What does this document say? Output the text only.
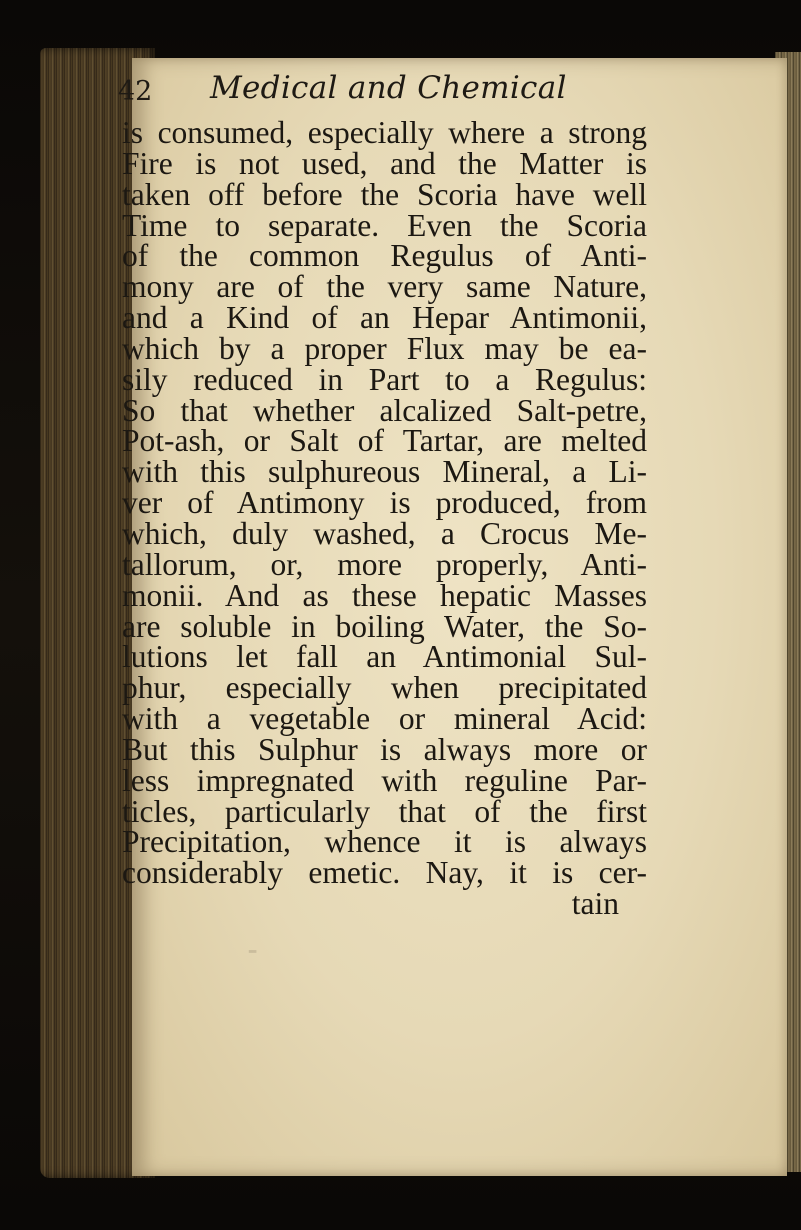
42 Medical and Chemical
is consumed, especially where a strong
Fire is not used, and the Matter is
taken off before the Scoria have well
Time to separate. Even the Scoria
of the common Regulus of Anti-
mony are of the very same Nature,
and a Kind of an Hepar Antimonii,
which by a proper Flux may be ea-
sily reduced in Part to a Regulus:
So that whether alcalized Salt-petre,
Pot-ash, or Salt of Tartar, are melted
with this sulphureous Mineral, a Li-
ver of Antimony is produced, from
which, duly washed, a Crocus Me-
tallorum, or, more properly, Anti-
monii. And as these hepatic Masses
are soluble in boiling Water, the So-
lutions let fall an Antimonial Sul-
phur, especially when precipitated
with a vegetable or mineral Acid:
But this Sulphur is always more or
less impregnated with reguline Par-
ticles, particularly that of the first
Precipitation, whence it is always
considerably emetic. Nay, it is cer-
tain
⁃
